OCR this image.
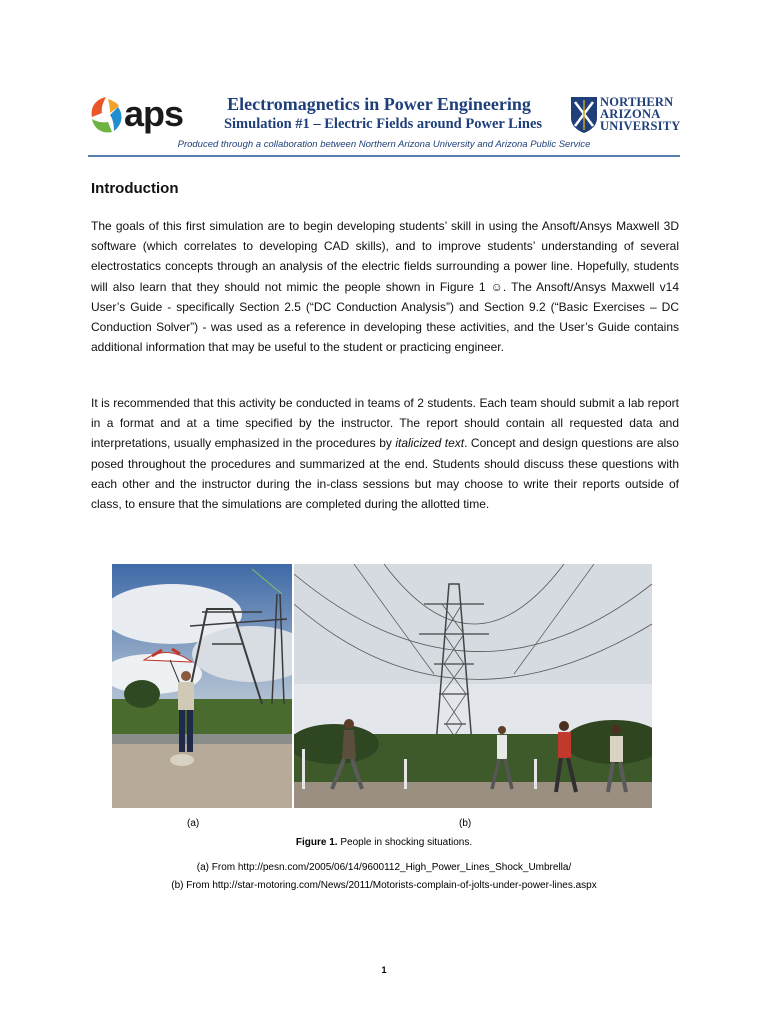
aps	Electromagnetics in Power Engineering
Simulation #1 – Electric Fields around Power Lines
NORTHERN
ARIZONA
UNIVERSITY
Produced through a collaboration between Northern Arizona University and Arizona Public Service
Introduction
The goals of this first simulation are to begin developing students’ skill in using the Ansoft/Ansys Maxwell 3D software (which correlates to developing CAD skills), and to improve students’ understanding of several electrostatics concepts through an analysis of the electric fields surrounding a power line. Hopefully, students will also learn that they should not mimic the people shown in Figure 1 ☺. The Ansoft/Ansys Maxwell v14 User’s Guide - specifically Section 2.5 (“DC Conduction Analysis”) and Section 9.2 (“Basic Exercises – DC Conduction Solver”) - was used as a reference in developing these activities, and the User’s Guide contains additional information that may be useful to the student or practicing engineer.
It is recommended that this activity be conducted in teams of 2 students. Each team should submit a lab report in a format and at a time specified by the instructor. The report should contain all requested data and interpretations, usually emphasized in the procedures by italicized text. Concept and design questions are also posed throughout the procedures and summarized at the end. Students should discuss these questions with each other and the instructor during the in-class sessions but may choose to write their reports outside of class, to ensure that the simulations are completed during the allotted time.
(a)	(b)
Figure 1. People in shocking situations.
(a) From http://pesn.com/2005/06/14/9600112_High_Power_Lines_Shock_Umbrella/
(b) From http://star-motoring.com/News/2011/Motorists-complain-of-jolts-under-power-lines.aspx
1
